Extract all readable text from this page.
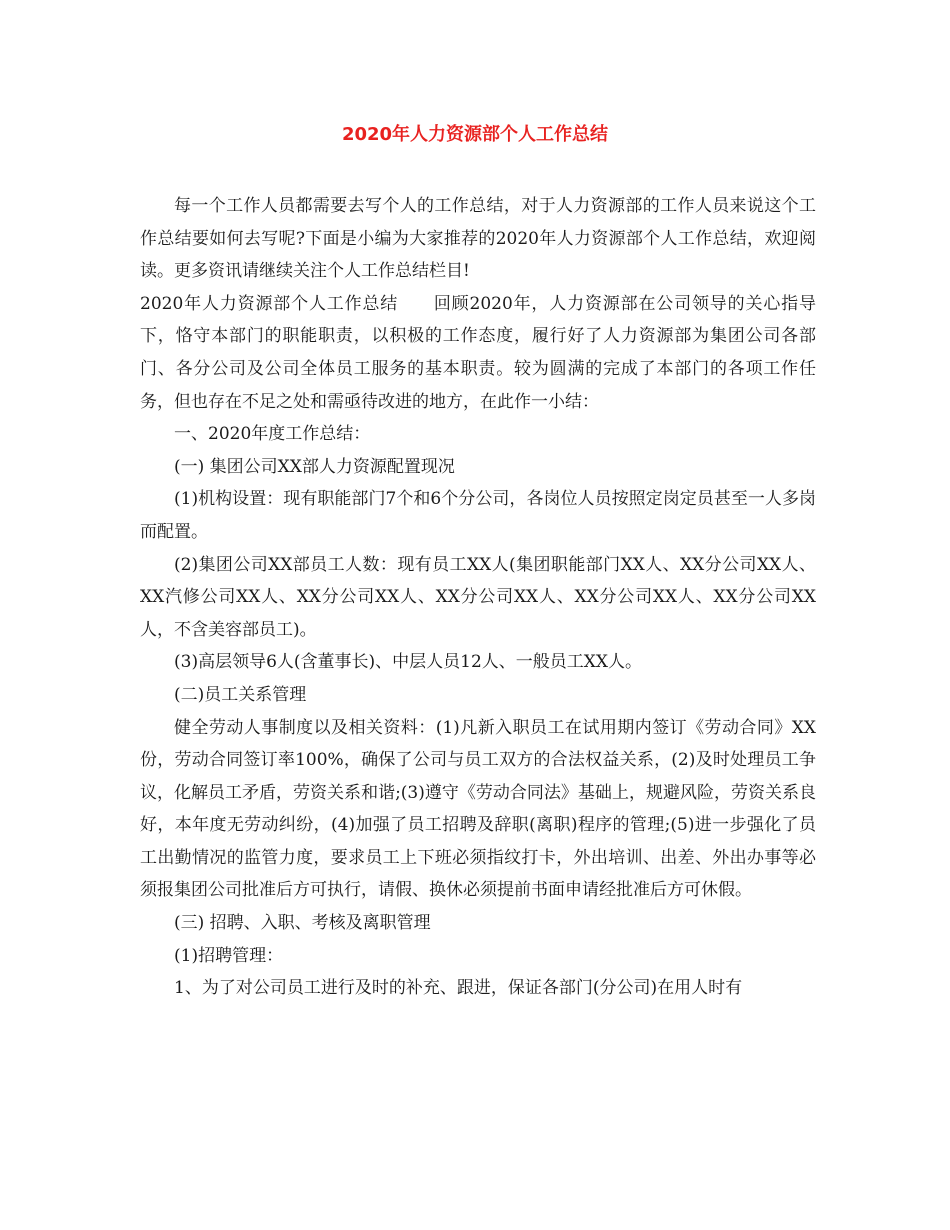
2020年人力资源部个人工作总结

每一个工作人员都需要去写个人的工作总结，对于人力资源部的工作人员来说这个工作总结要如何去写呢?下面是小编为大家推荐的2020年人力资源部个人工作总结，欢迎阅读。更多资讯请继续关注个人工作总结栏目!

2020年人力资源部个人工作总结　　回顾2020年，人力资源部在公司领导的关心指导下，恪守本部门的职能职责，以积极的工作态度，履行好了人力资源部为集团公司各部门、各分公司及公司全体员工服务的基本职责。较为圆满的完成了本部门的各项工作任务，但也存在不足之处和需亟待改进的地方，在此作一小结：

一、2020年度工作总结：

(一) 集团公司XX部人力资源配置现况

(1)机构设置：现有职能部门7个和6个分公司，各岗位人员按照定岗定员甚至一人多岗而配置。

(2)集团公司XX部员工人数：现有员工XX人(集团职能部门XX人、XX分公司XX人、XX汽修公司XX人、XX分公司XX人、XX分公司XX人、XX分公司XX人、XX分公司XX人，不含美容部员工)。

(3)高层领导6人(含董事长)、中层人员12人、一般员工XX人。

(二)员工关系管理

健全劳动人事制度以及相关资料：(1)凡新入职员工在试用期内签订《劳动合同》XX份，劳动合同签订率100%，确保了公司与员工双方的合法权益关系，(2)及时处理员工争议，化解员工矛盾，劳资关系和谐;(3)遵守《劳动合同法》基础上，规避风险，劳资关系良好，本年度无劳动纠纷，(4)加强了员工招聘及辞职(离职)程序的管理;(5)进一步强化了员工出勤情况的监管力度，要求员工上下班必须指纹打卡，外出培训、出差、外出办事等必须报集团公司批准后方可执行，请假、换休必须提前书面申请经批准后方可休假。

(三) 招聘、入职、考核及离职管理

(1)招聘管理：

1、为了对公司员工进行及时的补充、跟进，保证各部门(分公司)在用人时有
